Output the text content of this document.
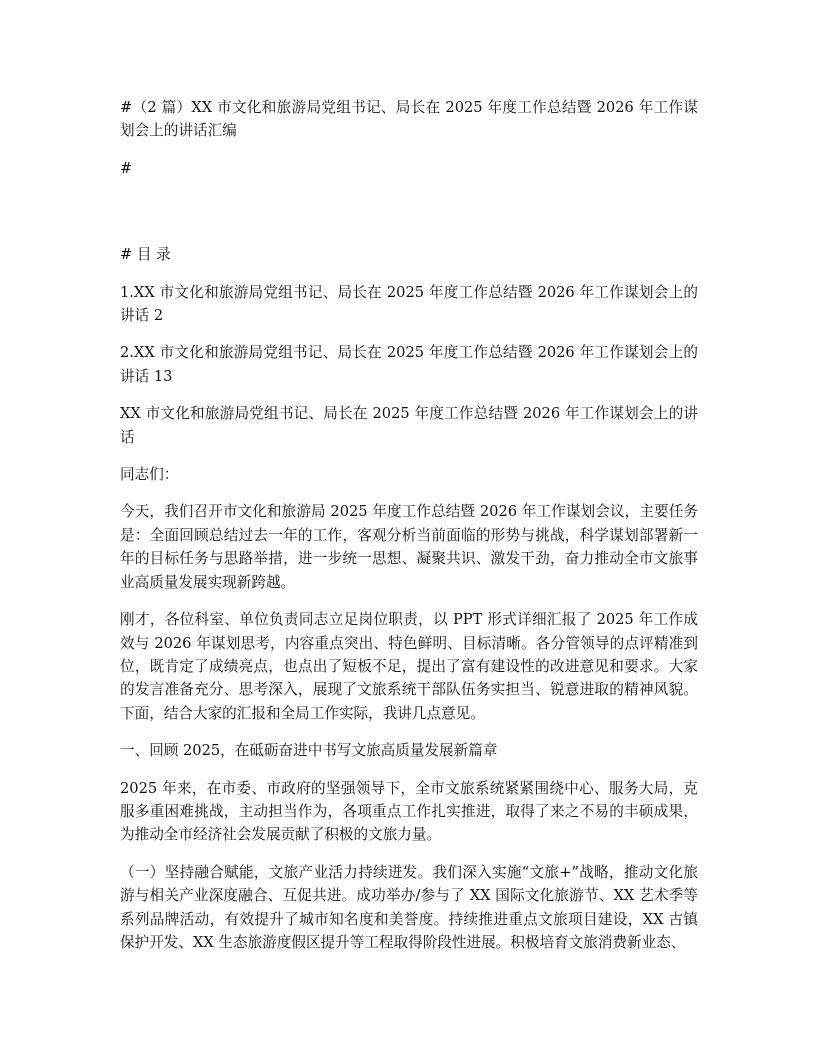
#（2 篇）XX 市文化和旅游局党组书记、局长在 2025 年度工作总结暨 2026 年工作谋划会上的讲话汇编

#

# 目 录

1.XX 市文化和旅游局党组书记、局长在 2025 年度工作总结暨 2026 年工作谋划会上的讲话 2

2.XX 市文化和旅游局党组书记、局长在 2025 年度工作总结暨 2026 年工作谋划会上的讲话 13

XX 市文化和旅游局党组书记、局长在 2025 年度工作总结暨 2026 年工作谋划会上的讲话

同志们：

今天，我们召开市文化和旅游局 2025 年度工作总结暨 2026 年工作谋划会议，主要任务是：全面回顾总结过去一年的工作，客观分析当前面临的形势与挑战，科学谋划部署新一年的目标任务与思路举措，进一步统一思想、凝聚共识、激发干劲，奋力推动全市文旅事业高质量发展实现新跨越。

刚才，各位科室、单位负责同志立足岗位职责，以 PPT 形式详细汇报了 2025 年工作成效与 2026 年谋划思考，内容重点突出、特色鲜明、目标清晰。各分管领导的点评精准到位，既肯定了成绩亮点，也点出了短板不足，提出了富有建设性的改进意见和要求。大家的发言准备充分、思考深入，展现了文旅系统干部队伍务实担当、锐意进取的精神风貌。下面，结合大家的汇报和全局工作实际，我讲几点意见。

一、回顾 2025，在砥砺奋进中书写文旅高质量发展新篇章

2025 年来，在市委、市政府的坚强领导下，全市文旅系统紧紧围绕中心、服务大局，克服多重困难挑战，主动担当作为，各项重点工作扎实推进，取得了来之不易的丰硕成果，为推动全市经济社会发展贡献了积极的文旅力量。

（一）坚持融合赋能，文旅产业活力持续迸发。我们深入实施“文旅+”战略，推动文化旅游与相关产业深度融合、互促共进。成功举办/参与了 XX 国际文化旅游节、XX 艺术季等系列品牌活动，有效提升了城市知名度和美誉度。持续推进重点文旅项目建设，XX 古镇保护开发、XX 生态旅游度假区提升等工程取得阶段性进展。积极培育文旅消费新业态、
